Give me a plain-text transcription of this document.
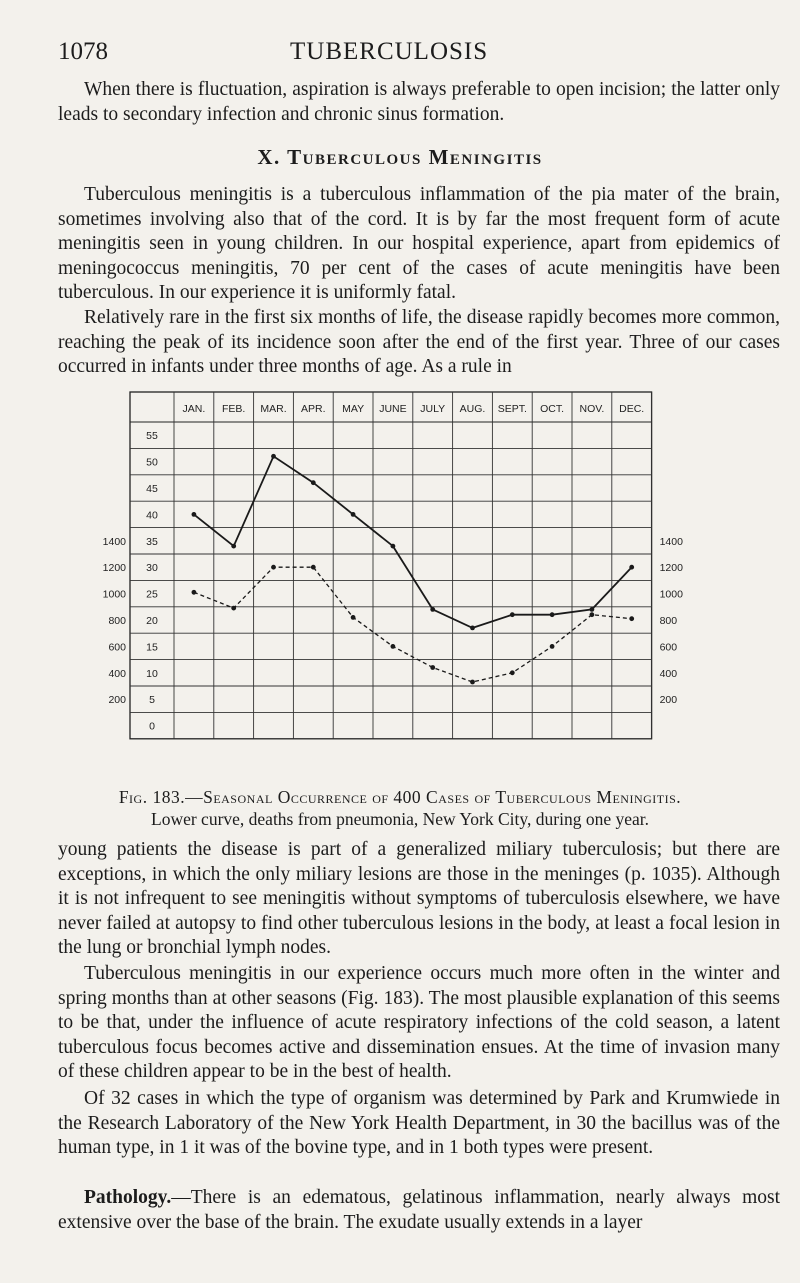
1078	TUBERCULOSIS

When there is fluctuation, aspiration is always preferable to open incision; the latter only leads to secondary infection and chronic sinus formation.

X. Tuberculous Meningitis

Tuberculous meningitis is a tuberculous inflammation of the pia mater of the brain, sometimes involving also that of the cord. It is by far the most frequent form of acute meningitis seen in young children. In our hospital experience, apart from epidemics of meningococcus meningitis, 70 per cent of the cases of acute meningitis have been tuberculous. In our experience it is uniformly fatal.

Relatively rare in the first six months of life, the disease rapidly becomes more common, reaching the peak of its incidence soon after the end of the first year. Three of our cases occurred in infants under three months of age. As a rule in

JAN. FEB. MAR. APR. MAY JUNE JULY AUG. SEPT. OCT. NOV. DEC.
55
50
45
40
35
30
25
20
15
10
5
0
1400	1400
1200	1200
1000	1000
800	800
600	600
400	400
200	200
Fig. 183.—Seasonal Occurrence of 400 Cases of Tuberculous Meningitis.
Lower curve, deaths from pneumonia, New York City, during one year.

young patients the disease is part of a generalized miliary tuberculosis; but there are exceptions, in which the only miliary lesions are those in the meninges (p. 1035). Although it is not infrequent to see meningitis without symptoms of tuberculosis elsewhere, we have never failed at autopsy to find other tuberculous lesions in the body, at least a focal lesion in the lung or bronchial lymph nodes.

Tuberculous meningitis in our experience occurs much more often in the winter and spring months than at other seasons (Fig. 183). The most plausible explanation of this seems to be that, under the influence of acute respiratory infections of the cold season, a latent tuberculous focus becomes active and dissemination ensues. At the time of invasion many of these children appear to be in the best of health.

Of 32 cases in which the type of organism was determined by Park and Krumwiede in the Research Laboratory of the New York Health Department, in 30 the bacillus was of the human type, in 1 it was of the bovine type, and in 1 both types were present.

Pathology.—There is an edematous, gelatinous inflammation, nearly always most extensive over the base of the brain. The exudate usually extends in a layer
